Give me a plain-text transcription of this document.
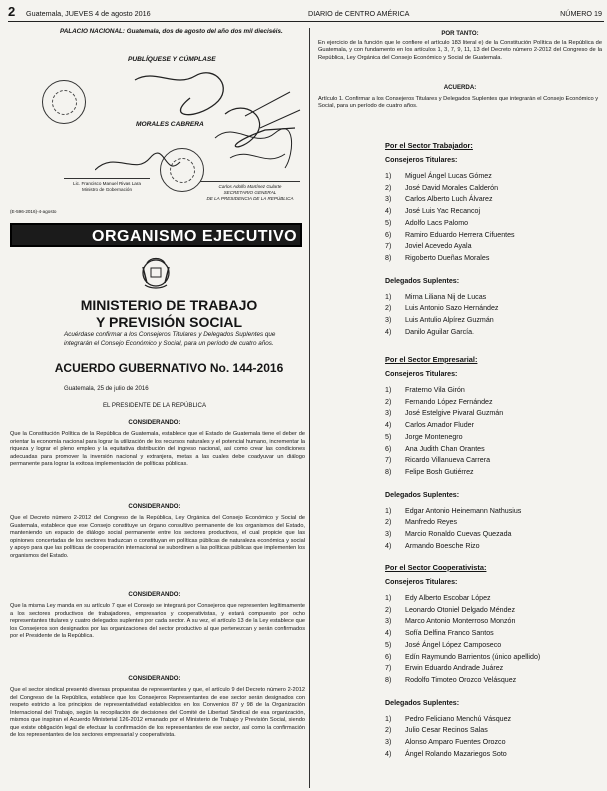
2 Guatemala, JUEVES 4 de agosto 2016	DIARIO de CENTRO AMÉRICA	NÚMERO 19
PALACIO NACIONAL: Guatemala, dos de agosto del año dos mil dieciséis.
PUBLÍQUESE Y CÚMPLASE
MORALES CABRERA
Lic. Francisco Manuel Rivas Lara
Ministro de Gobernación
Carlos Adolfo Martínez Gularte
SECRETARIO GENERAL
DE LA PRESIDENCIA DE LA REPÚBLICA
(E-596-2016)-4-agosto
ORGANISMO EJECUTIVO
MINISTERIO DE TRABAJO
Y PREVISIÓN SOCIAL
Acuérdase confirmar a los Consejeros Titulares y Delegados Suplentes que integrarán el Consejo Económico y Social, para un período de cuatro años.
ACUERDO GUBERNATIVO No. 144-2016
Guatemala, 25 de julio de 2016
EL PRESIDENTE DE LA REPÚBLICA
CONSIDERANDO:
Que la Constitución Política de la República de Guatemala, establece que el Estado de Guatemala tiene el deber de orientar la economía nacional para lograr la utilización de los recursos naturales y el potencial humano, incrementar la riqueza y lograr el pleno empleo y la equitativa distribución del ingreso nacional, así como crear las condiciones adecuadas para promover la inversión nacional y extranjera, metas a las cuales debe coadyuvar un diálogo permanente para lograr la exitosa implementación de políticas públicas.
CONSIDERANDO:
Que el Decreto número 2-2012 del Congreso de la República, Ley Orgánica del Consejo Económico y Social de Guatemala, establece que ese Consejo constituye un órgano consultivo permanente de los organismos del Estado, manteniendo un espacio de diálogo social permanente entre los sectores productivos, el cual propicie que las opiniones concertadas de los sectores traduzcan o constituyan en políticas públicas de naturaleza económica y social y apoyo para que las políticas de cooperación internacional se subordinen a las políticas públicas que implementen los organismos del Estado.
CONSIDERANDO:
Que la misma Ley manda en su artículo 7 que el Consejo se integrará por Consejeros que representen legítimamente a los sectores productivos de trabajadores, empresarios y cooperativistas, y estará compuesto por ocho representantes titulares y cuatro delegados suplentes por cada sector. A su vez, el artículo 13 de la Ley establece que los Consejeros son designados por las organizaciones del sector productivo al que pertenezcan y serán confirmados por el Presidente de la República.
CONSIDERANDO:
Que el sector sindical presentó diversas propuestas de representantes y que, el artículo 9 del Decreto número 2-2012 del Congreso de la República, establece que los Consejeros Representantes de ese sector serán designados con respeto estricto a los principios de representatividad establecidos en los Convenios 87 y 98 de la Organización Internacional del Trabajo, según la recopilación de decisiones del Comité de Libertad Sindical de esa organización, mismos que inspiran el Acuerdo Ministerial 126-2012 emanado por el Ministerio de Trabajo y Previsión Social, siendo que existe obligación legal de efectuar la confirmación de los representantes de ese sector, así como la confirmación de los representantes de los sectores empresarial y cooperativista.
POR TANTO:
En ejercicio de la función que le confiere el artículo 183 literal e) de la Constitución Política de la República de Guatemala, y con fundamento en los artículos 1, 3, 7, 9, 11, 13 del Decreto número 2-2012 del Congreso de la República, Ley Orgánica del Consejo Económico y Social de Guatemala.
ACUERDA:
Artículo 1. Confirmar a los Consejeros Titulares y Delegados Suplentes que integrarán el Consejo Económico y Social, para un período de cuatro años.
Por el Sector Trabajador:
Consejeros Titulares:
1) Miguel Ángel Lucas Gómez
2) José David Morales Calderón
3) Carlos Alberto Luch Álvarez
4) José Luis Yac Recancoj
5) Adolfo Lacs Palomo
6) Ramiro Eduardo Herrera Cifuentes
7) Joviel Acevedo Ayala
8) Rigoberto Dueñas Morales
Delegados Suplentes:
1) Mirna Liliana Nij de Lucas
2) Luis Antonio Sazo Hernández
3) Luis Antulio Alpírez Guzmán
4) Danilo Aguilar García.
Por el Sector Empresarial:
Consejeros Titulares:
1) Fraterno Vila Girón
2) Fernando López Fernández
3) José Estelgive Pivaral Guzmán
4) Carlos Amador Fluder
5) Jorge Montenegro
6) Ana Judith Chan Orantes
7) Ricardo Villanueva Carrera
8) Felipe Bosh Gutiérrez
Delegados Suplentes:
1) Edgar Antonio Heinemann Nathusius
2) Manfredo Reyes
3) Marcio Ronaldo Cuevas Quezada
4) Armando Boesche Rizo
Por el Sector Cooperativista:
Consejeros Titulares:
1) Edy Alberto Escobar López
2) Leonardo Otoniel Delgado Méndez
3) Marco Antonio Monterroso Monzón
4) Sofía Delfina Franco Santos
5) José Ángel López Camposeco
6) Edín Raymundo Barrientos (único apellido)
7) Erwin Eduardo Andrade Juárez
8) Rodolfo Timoteo Orozco Velásquez
Delegados Suplentes:
1) Pedro Feliciano Menchú Vásquez
2) Julio Cesar Recinos Salas
3) Alonso Amparo Fuentes Orozco
4) Ángel Rolando Mazariegos Soto
